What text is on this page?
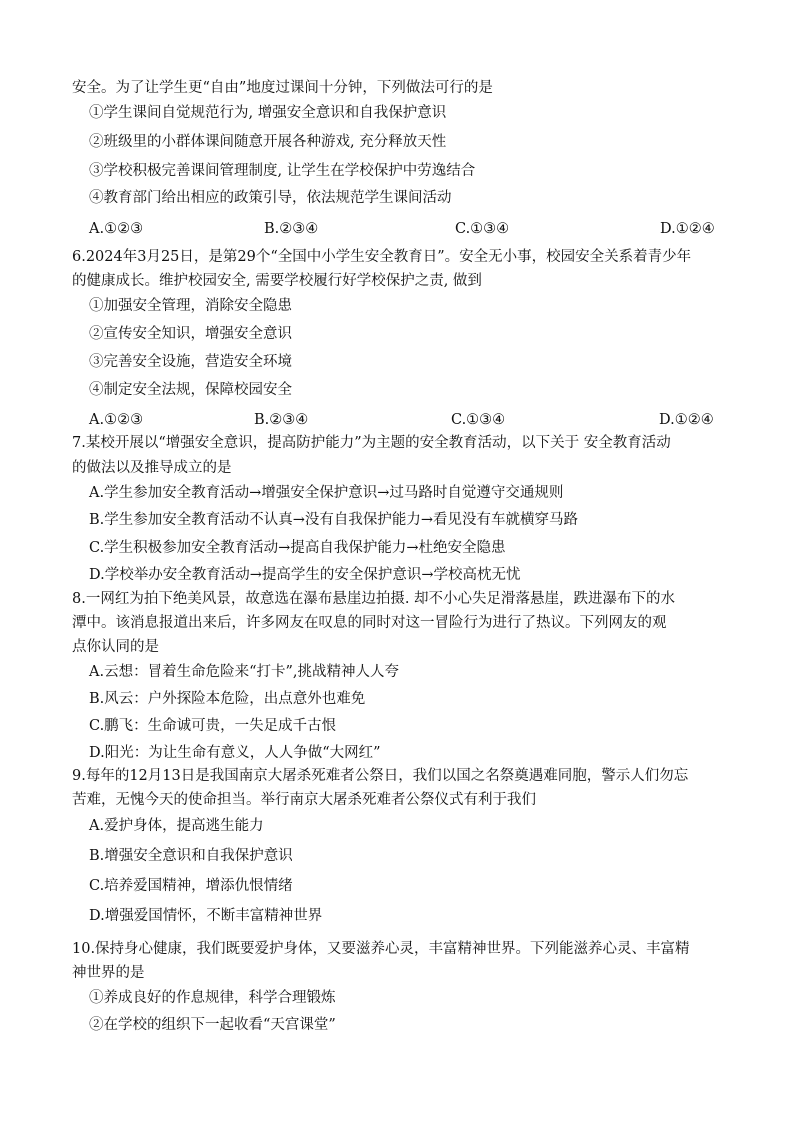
安全。为了让学生更“自由”地度过课间十分钟，下列做法可行的是
①学生课间自觉规范行为, 增强安全意识和自我保护意识
②班级里的小群体课间随意开展各种游戏, 充分释放天性
③学校积极完善课间管理制度, 让学生在学校保护中劳逸结合
④教育部门给出相应的政策引导，依法规范学生课间活动
A.①②③	B.②③④	C.①③④	D.①②④
6.2024年3月25日，是第29个“全国中小学生安全教育日”。安全无小事，校园安全关系着青少年
的健康成长。维护校园安全, 需要学校履行好学校保护之责, 做到
①加强安全管理，消除安全隐患
②宣传安全知识，增强安全意识
③完善安全设施，营造安全环境
④制定安全法规，保障校园安全
A.①②③	B.②③④	C.①③④	D.①②④
7.某校开展以“增强安全意识，提高防护能力”为主题的安全教育活动，以下关于 安全教育活动
的做法以及推导成立的是
A.学生参加安全教育活动→增强安全保护意识→过马路时自觉遵守交通规则
B.学生参加安全教育活动不认真→没有自我保护能力→看见没有车就横穿马路
C.学生积极参加安全教育活动→提高自我保护能力→杜绝安全隐患
D.学校举办安全教育活动→提高学生的安全保护意识→学校高枕无忧
8.一网红为拍下绝美风景，故意选在瀑布悬崖边拍摄. 却不小心失足滑落悬崖，跌进瀑布下的水
潭中。该消息报道出来后，许多网友在叹息的同时对这一冒险行为进行了热议。下列网友的观
点你认同的是
A.云想：冒着生命危险来“打卡”,挑战精神人人夸
B.风云：户外探险本危险，出点意外也难免
C.鹏飞：生命诚可贵，一失足成千古恨
D.阳光：为让生命有意义，人人争做“大网红”
9.每年的12月13日是我国南京大屠杀死难者公祭日，我们以国之名祭奠遇难同胞，警示人们勿忘
苦难，无愧今天的使命担当。举行南京大屠杀死难者公祭仪式有利于我们
A.爱护身体，提高逃生能力
B.增强安全意识和自我保护意识
C.培养爱国精神，增添仇恨情绪
D.增强爱国情怀，不断丰富精神世界
10.保持身心健康，我们既要爱护身体，又要滋养心灵，丰富精神世界。下列能滋养心灵、丰富精
神世界的是
①养成良好的作息规律，科学合理锻炼
②在学校的组织下一起收看“天宫课堂”
